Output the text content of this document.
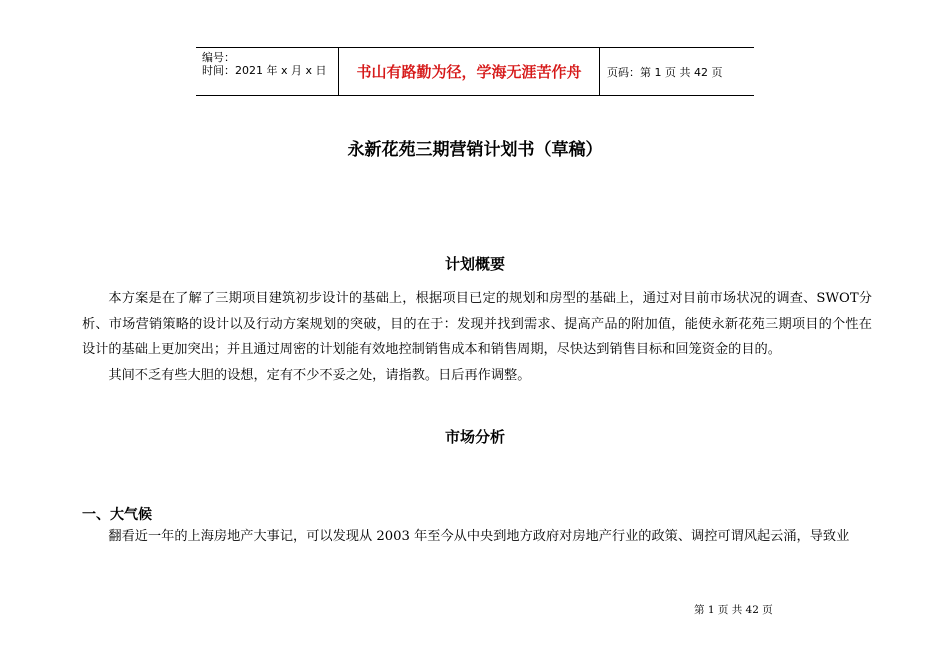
编号：
时间：2021 年 x 月 x 日	书山有路勤为径，学海无涯苦作舟	页码：第 1 页 共 42 页
永新花苑三期营销计划书（草稿）
计划概要

本方案是在了解了三期项目建筑初步设计的基础上，根据项目已定的规划和房型的基础上，通过对目前市场状况的调查、SWOT分析、市场营销策略的设计以及行动方案规划的突破，目的在于：发现并找到需求、提高产品的附加值，能使永新花苑三期项目的个性在设计的基础上更加突出；并且通过周密的计划能有效地控制销售成本和销售周期，尽快达到销售目标和回笼资金的目的。

其间不乏有些大胆的设想，定有不少不妥之处，请指教。日后再作调整。

市场分析
一、大气候

翻看近一年的上海房地产大事记，可以发现从 2003 年至今从中央到地方政府对房地产行业的政策、调控可谓风起云涌，导致业

第 1 页 共 42 页
